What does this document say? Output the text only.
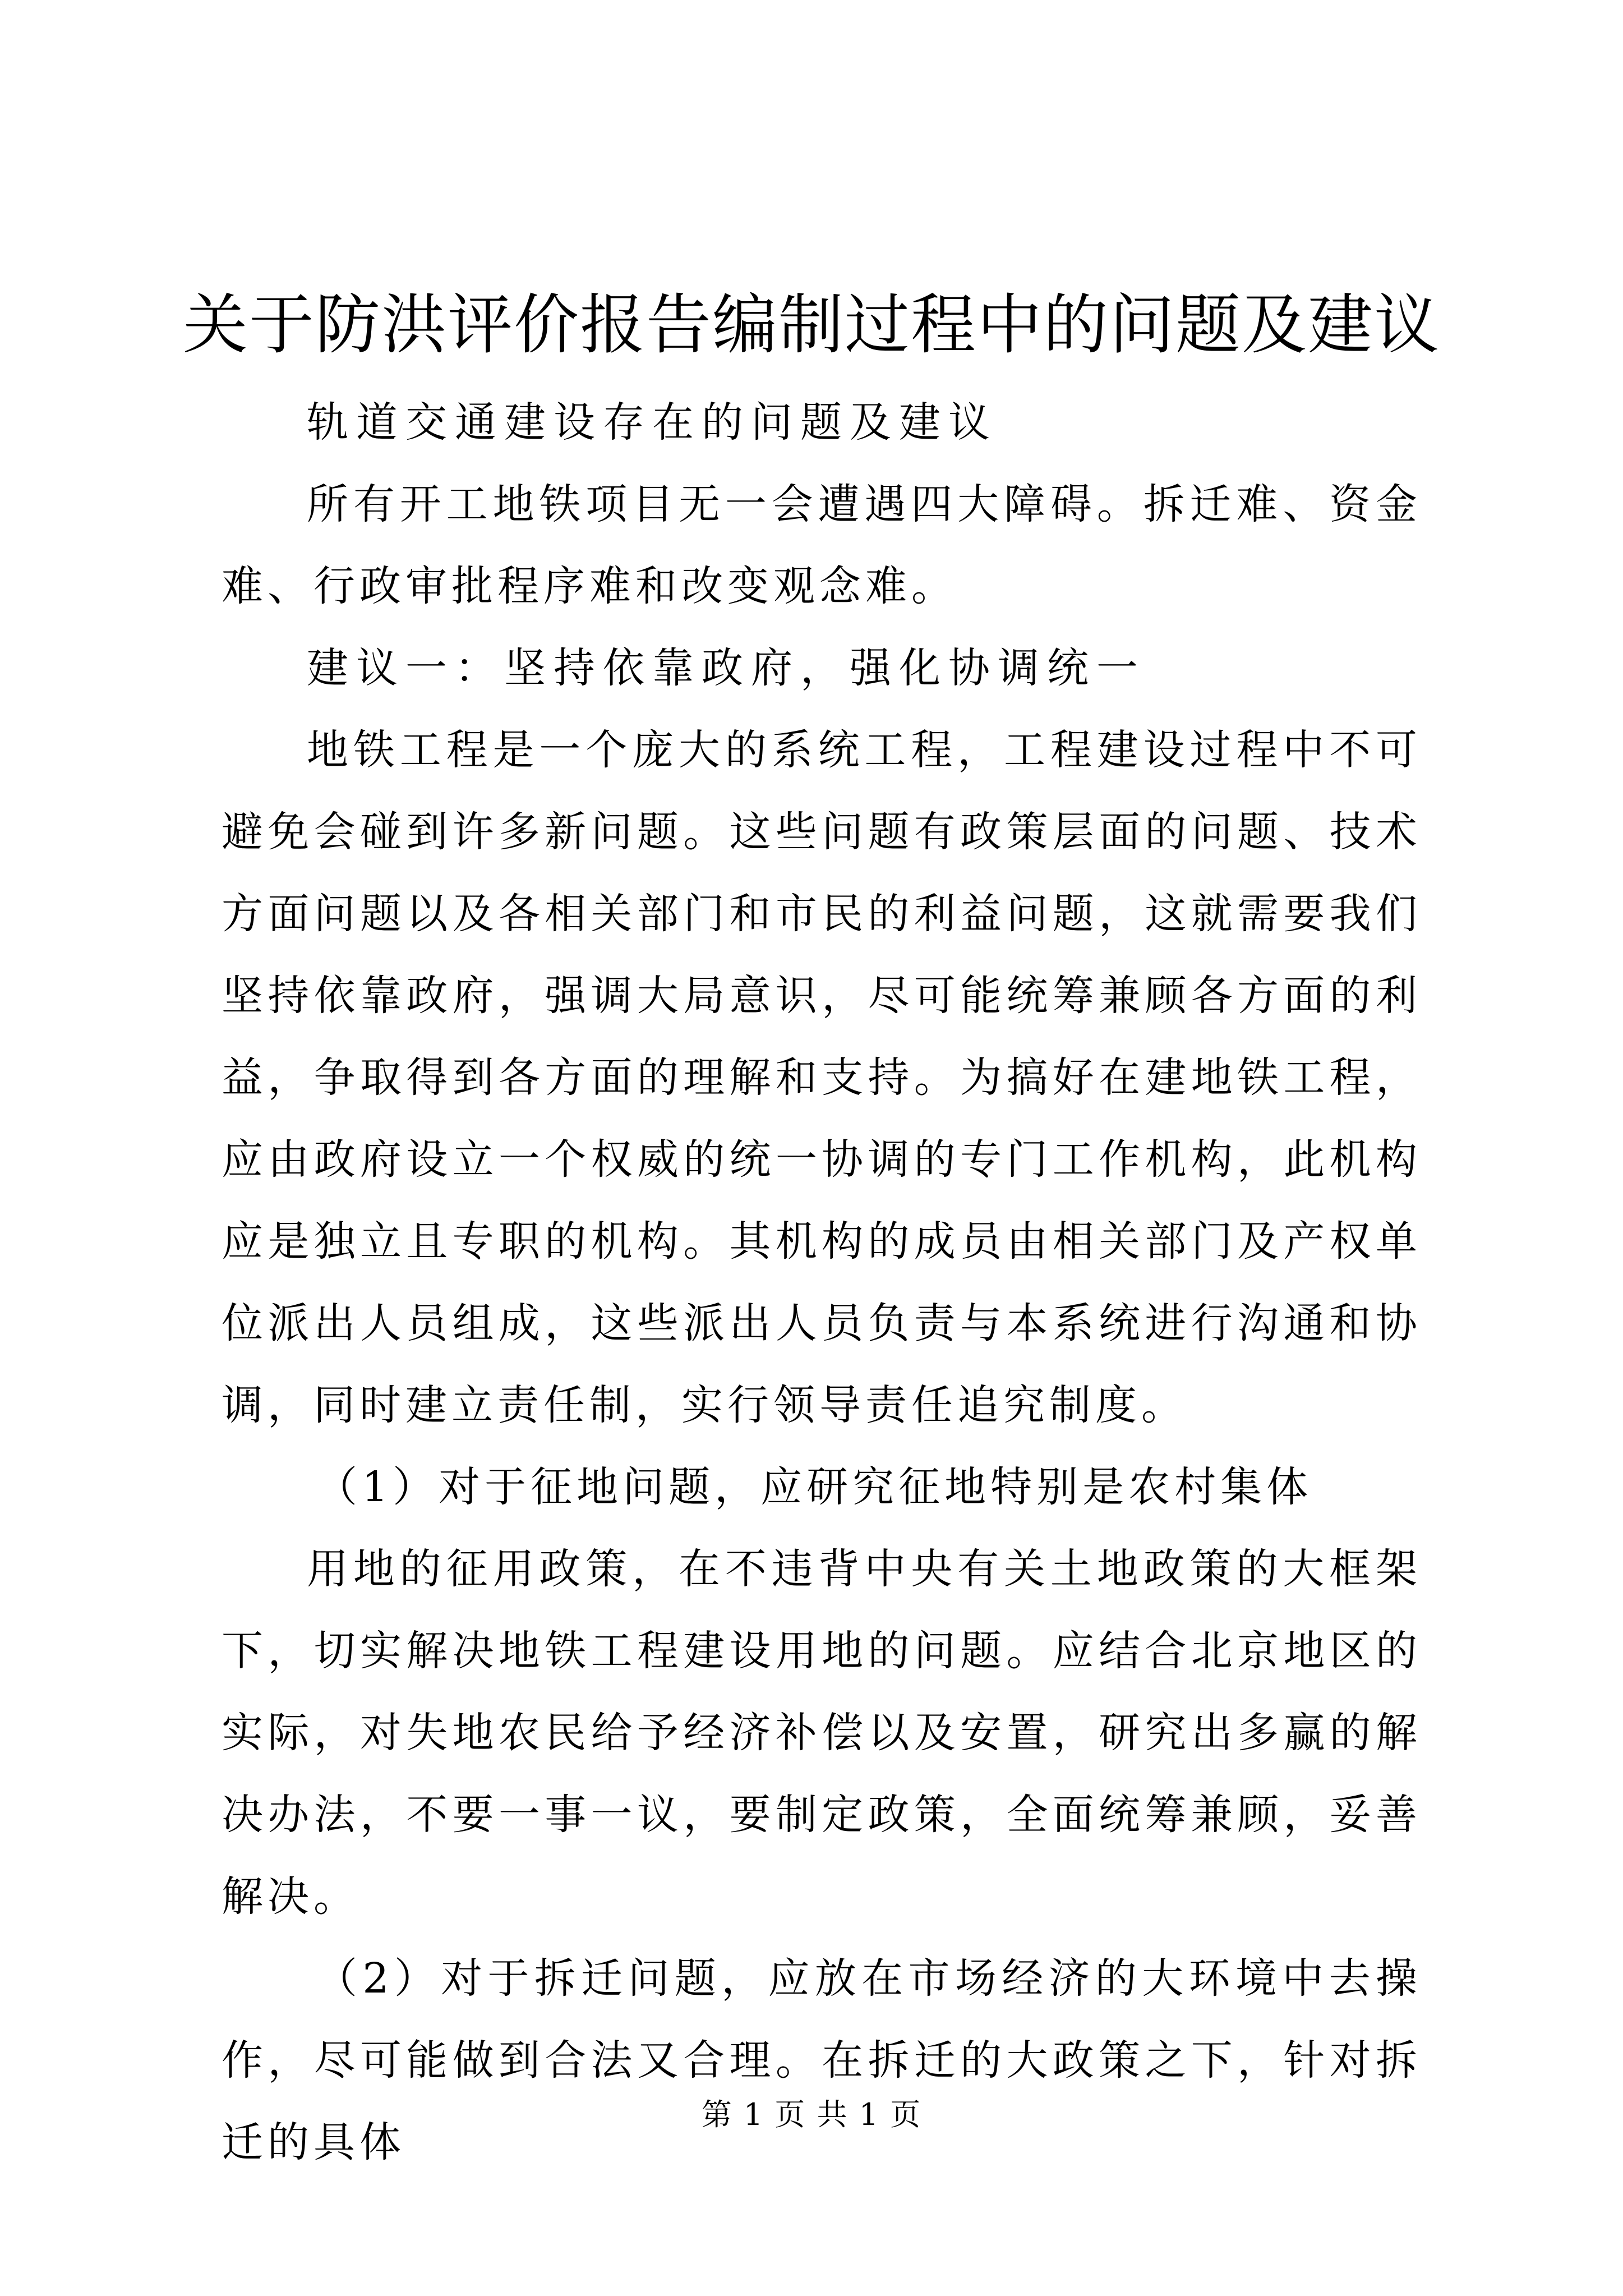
关于防洪评价报告编制过程中的问题及建议

轨道交通建设存在的问题及建议

所有开工地铁项目无一会遭遇四大障碍。拆迁难、资金难、行政审批程序难和改变观念难。

建议一：坚持依靠政府，强化协调统一

地铁工程是一个庞大的系统工程，工程建设过程中不可避免会碰到许多新问题。这些问题有政策层面的问题、技术方面问题以及各相关部门和市民的利益问题，这就需要我们坚持依靠政府，强调大局意识，尽可能统筹兼顾各方面的利益，争取得到各方面的理解和支持。为搞好在建地铁工程，应由政府设立一个权威的统一协调的专门工作机构，此机构应是独立且专职的机构。其机构的成员由相关部门及产权单位派出人员组成，这些派出人员负责与本系统进行沟通和协调，同时建立责任制，实行领导责任追究制度。

（1）对于征地问题，应研究征地特别是农村集体

用地的征用政策，在不违背中央有关土地政策的大框架下，切实解决地铁工程建设用地的问题。应结合北京地区的实际，对失地农民给予经济补偿以及安置，研究出多赢的解决办法，不要一事一议，要制定政策，全面统筹兼顾，妥善解决。

（2）对于拆迁问题，应放在市场经济的大环境中去操作，尽可能做到合法又合理。在拆迁的大政策之下，针对拆迁的具体

第 1 页 共 1 页
